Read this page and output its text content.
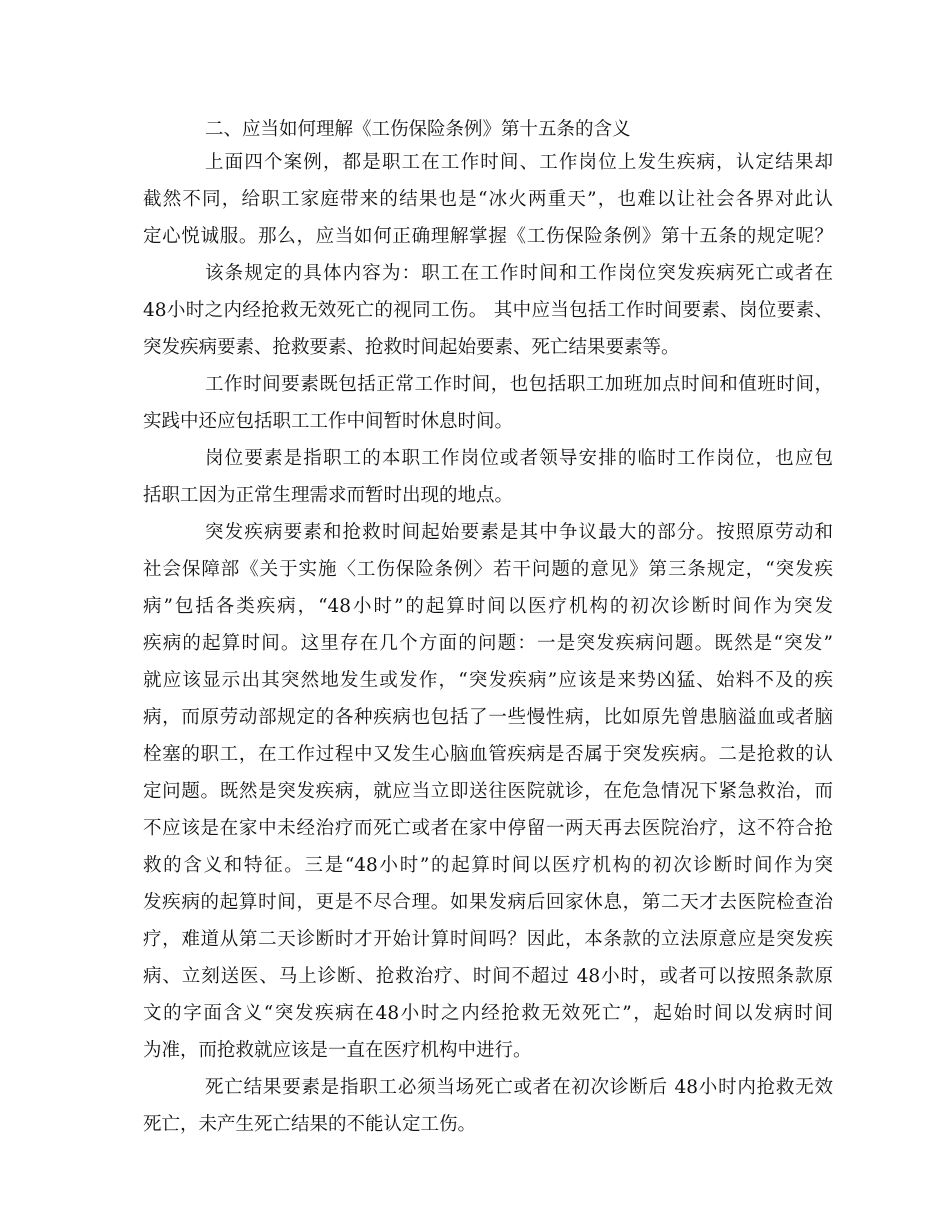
二、应当如何理解《工伤保险条例》第十五条的含义
上面四个案例，都是职工在工作时间、工作岗位上发生疾病，认定结果却
截然不同，给职工家庭带来的结果也是“冰火两重天”，也难以让社会各界对此认
定心悦诚服。那么，应当如何正确理解掌握《工伤保险条例》第十五条的规定呢？
该条规定的具体内容为：职工在工作时间和工作岗位突发疾病死亡或者在
48小时之内经抢救无效死亡的视同工伤。 其中应当包括工作时间要素、岗位要素、
突发疾病要素、抢救要素、抢救时间起始要素、死亡结果要素等。
工作时间要素既包括正常工作时间，也包括职工加班加点时间和值班时间，
实践中还应包括职工工作中间暂时休息时间。
岗位要素是指职工的本职工作岗位或者领导安排的临时工作岗位，也应包
括职工因为正常生理需求而暂时出现的地点。
突发疾病要素和抢救时间起始要素是其中争议最大的部分。按照原劳动和
社会保障部《关于实施〈工伤保险条例〉若干问题的意见》第三条规定，“突发疾
病”包括各类疾病，“48小时”的起算时间以医疗机构的初次诊断时间作为突发
疾病的起算时间。这里存在几个方面的问题：一是突发疾病问题。既然是“突发”
就应该显示出其突然地发生或发作，“突发疾病”应该是来势凶猛、始料不及的疾
病，而原劳动部规定的各种疾病也包括了一些慢性病，比如原先曾患脑溢血或者脑
栓塞的职工，在工作过程中又发生心脑血管疾病是否属于突发疾病。二是抢救的认
定问题。既然是突发疾病，就应当立即送往医院就诊，在危急情况下紧急救治，而
不应该是在家中未经治疗而死亡或者在家中停留一两天再去医院治疗，这不符合抢
救的含义和特征。三是“48小时”的起算时间以医疗机构的初次诊断时间作为突
发疾病的起算时间，更是不尽合理。如果发病后回家休息，第二天才去医院检查治
疗，难道从第二天诊断时才开始计算时间吗？因此，本条款的立法原意应是突发疾
病、立刻送医、马上诊断、抢救治疗、时间不超过 48小时，或者可以按照条款原
文的字面含义“突发疾病在48小时之内经抢救无效死亡”，起始时间以发病时间
为准，而抢救就应该是一直在医疗机构中进行。
死亡结果要素是指职工必须当场死亡或者在初次诊断后 48小时内抢救无效
死亡，未产生死亡结果的不能认定工伤。
